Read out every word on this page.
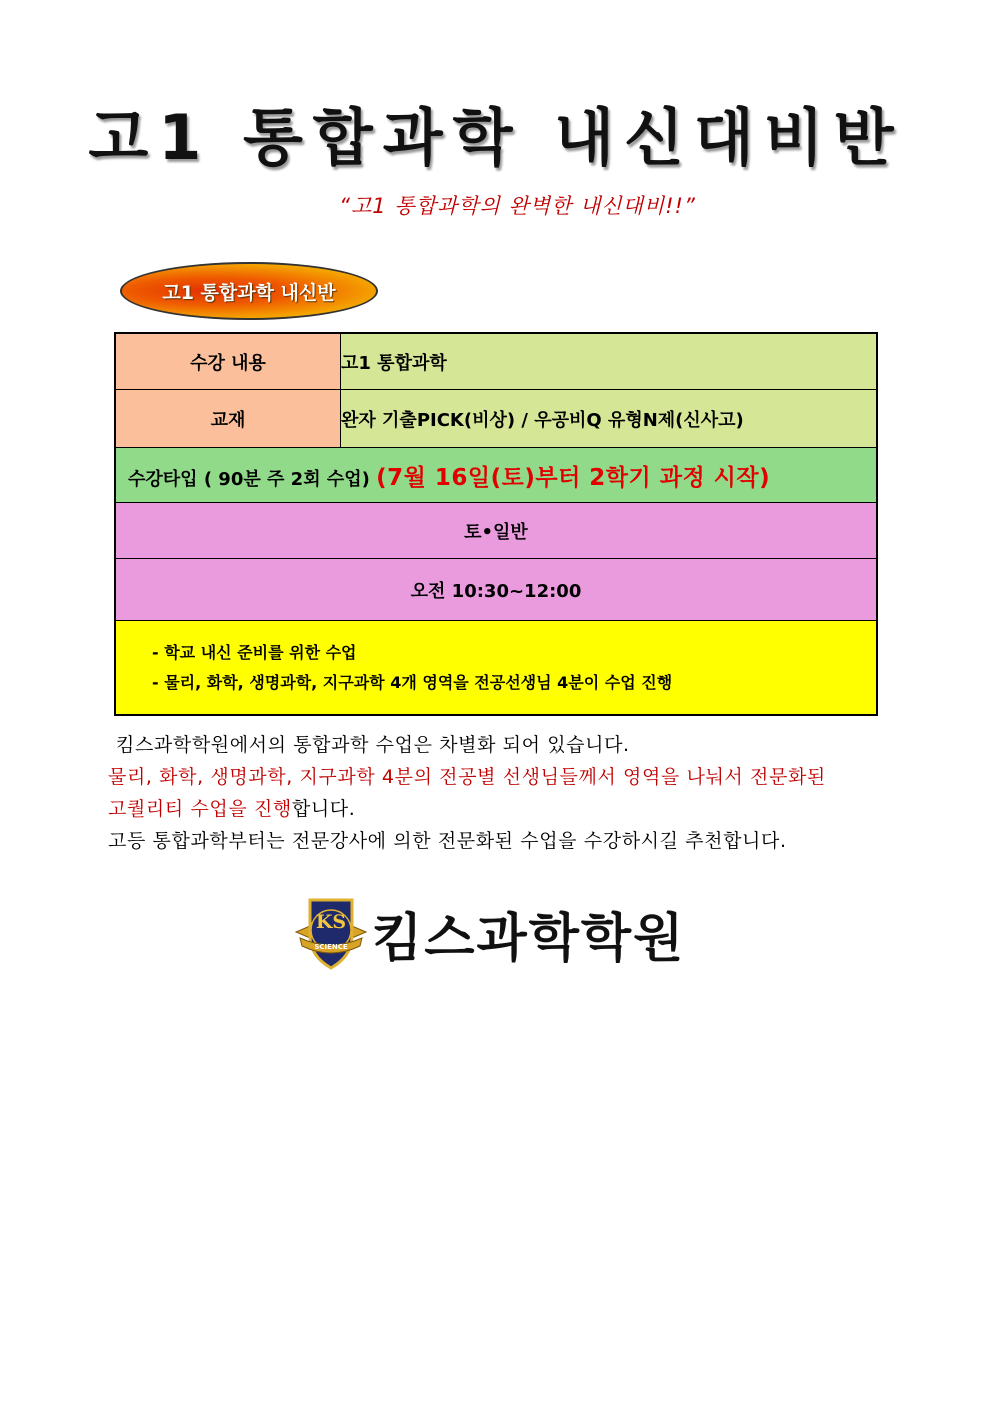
고1 통합과학 내신대비반
“고1 통합과학의 완벽한 내신대비!!”
고1 통합과학 내신반
수강 내용	고1 통합과학
교재	완자 기출PICK(비상) / 우공비Q 유형N제(신사고)
수강타입 ( 90분 주 2회 수업) (7월 16일(토)부터 2학기 과정 시작)	
토•일반	
오전 10:30~12:00	

- 학교 내신 준비를 위한 수업
- 물리, 화학, 생명과학, 지구과학 4개 영역을 전공선생님 4분이 수업 진행	
킴스과학학원에서의 통합과학 수업은 차별화 되어 있습니다.
물리, 화학, 생명과학, 지구과학 4분의 전공별 선생님들께서 영역을 나눠서 전문화된
고퀄리티 수업을 진행합니다.
고등 통합과학부터는 전문강사에 의한 전문화된 수업을 수강하시길 추천합니다.
KS
SCIENCE 킴스과학학원
